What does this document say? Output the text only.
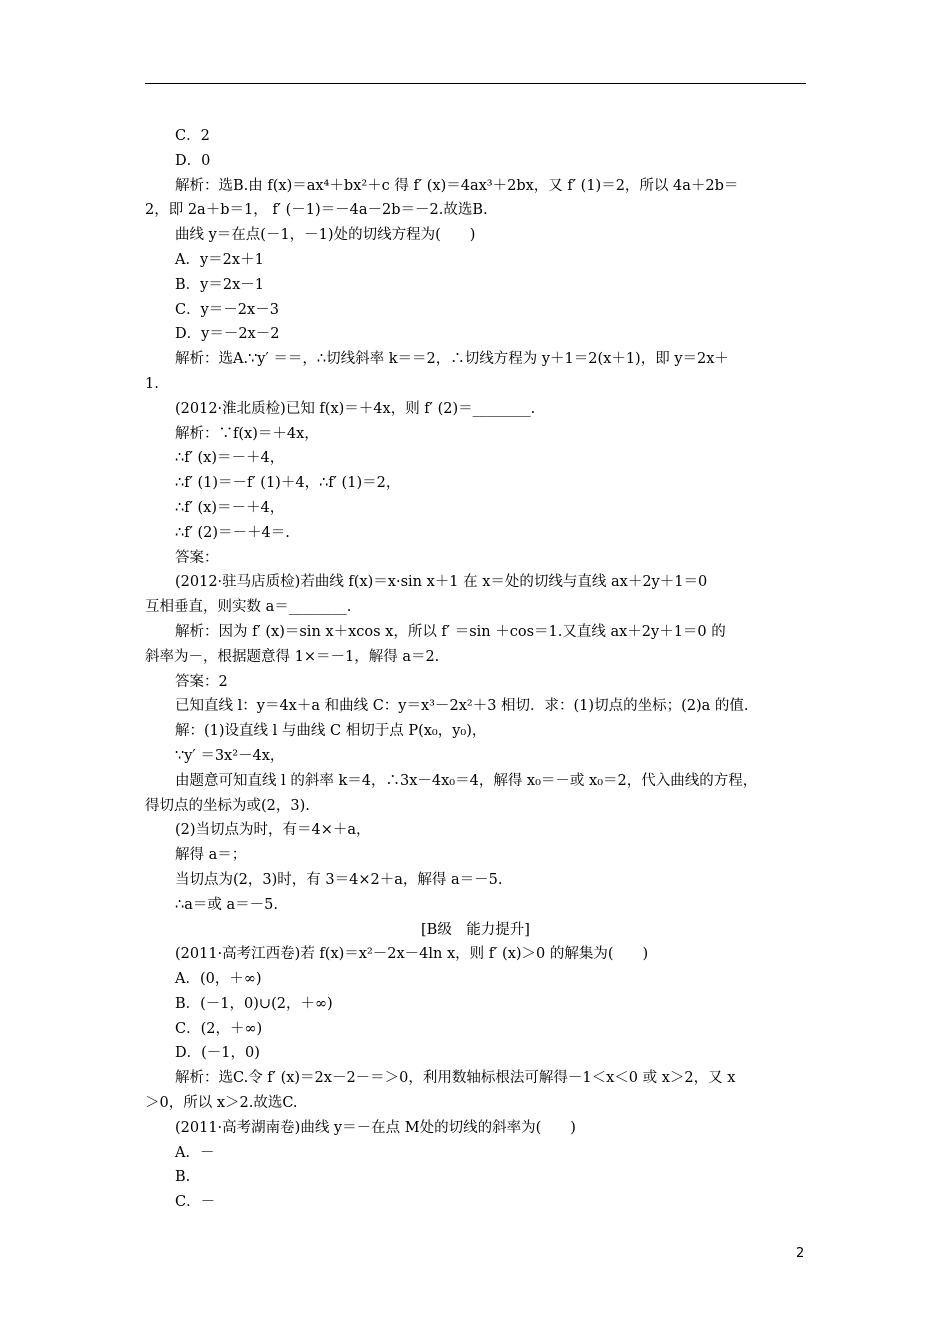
C．2
D．0
解析：选B.由 f(x)＝ax⁴＋bx²＋c 得 f′ (x)＝4ax³＋2bx，又 f′ (1)＝2，所以 4a＋2b＝
2，即 2a＋b＝1， f′ (－1)＝－4a－2b＝－2.故选B.
曲线 y＝在点(－1，－1)处的切线方程为(　　)
A．y＝2x＋1
B．y＝2x－1
C．y＝－2x－3
D．y＝－2x－2
解析：选A.∵y′ ＝＝，∴切线斜率 k＝＝2，∴切线方程为 y＋1＝2(x＋1)，即 y＝2x＋
1.
(2012·淮北质检)已知 f(x)＝＋4x，则 f′ (2)＝________.
解析：∵f(x)＝＋4x，
∴f′ (x)＝－＋4，
∴f′ (1)＝－f′ (1)＋4，∴f′ (1)＝2，
∴f′ (x)＝－＋4，
∴f′ (2)＝－＋4＝.
答案：
(2012·驻马店质检)若曲线 f(x)＝x·sin x＋1 在 x＝处的切线与直线 ax＋2y＋1＝0
互相垂直，则实数 a＝________.
解析：因为 f′ (x)＝sin x＋xcos x，所以 f′ ＝sin ＋cos＝1.又直线 ax＋2y＋1＝0 的
斜率为－，根据题意得 1×＝－1，解得 a＝2.
答案：2
已知直线 l：y＝4x＋a 和曲线 C：y＝x³－2x²＋3 相切．求：(1)切点的坐标；(2)a 的值.
解：(1)设直线 l 与曲线 C 相切于点 P(x₀，y₀)，
∵y′ ＝3x²－4x，
由题意可知直线 l 的斜率 k＝4，∴3x－4x₀＝4，解得 x₀＝－或 x₀＝2，代入曲线的方程，
得切点的坐标为或(2，3).
(2)当切点为时，有＝4×＋a，
解得 a＝；
当切点为(2，3)时，有 3＝4×2＋a，解得 a＝－5.
∴a＝或 a＝－5.
[B级　能力提升]
(2011·高考江西卷)若 f(x)＝x²－2x－4ln x，则 f′ (x)＞0 的解集为(　　)
A．(0，＋∞)
B．(－1，0)∪(2，＋∞)
C．(2，＋∞)
D．(－1，0)
解析：选C.令 f′ (x)＝2x－2－＝＞0，利用数轴标根法可解得－1＜x＜0 或 x＞2，又 x
＞0，所以 x＞2.故选C.
(2011·高考湖南卷)曲线 y＝－在点 M处的切线的斜率为(　　)
A．－
B.
C．－
2
